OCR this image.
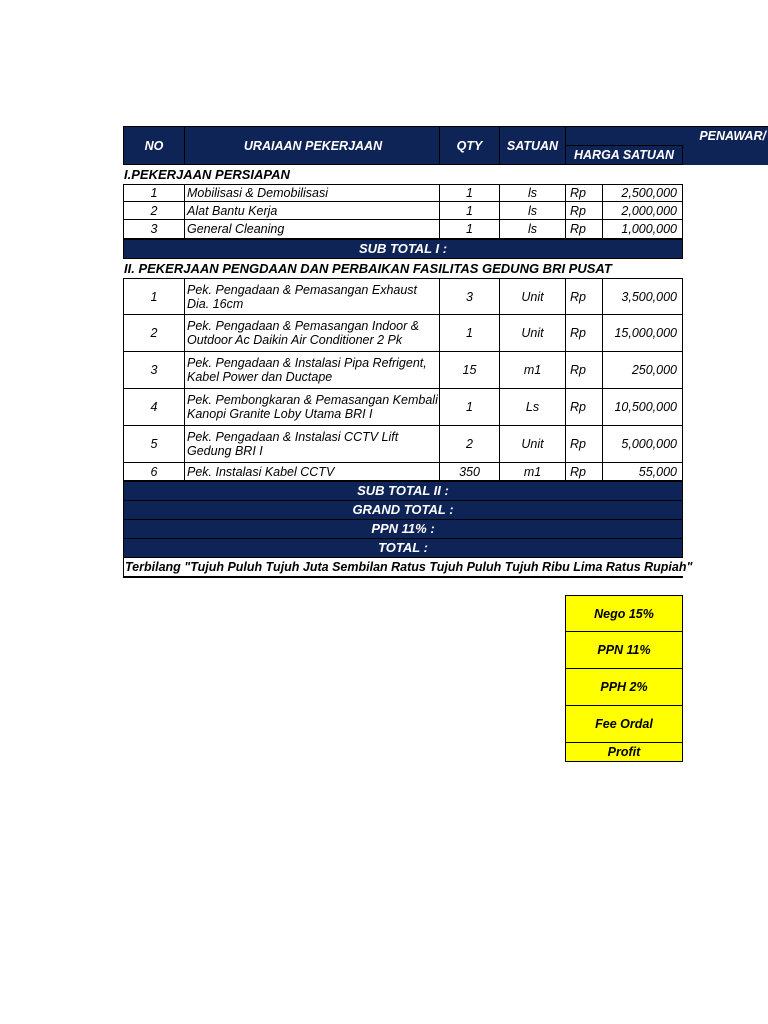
NO	URAIAAN PEKERJAAN	QTY	SATUAN
PENAWAR/
HARGA SATUAN
I.PEKERJAAN PERSIAPAN
1	Mobilisasi & Demobilisasi	1	ls	Rp	2,500,000
2	Alat Bantu Kerja	1	ls	Rp	2,000,000
3	General Cleaning	1	ls	Rp	1,000,000
SUB TOTAL I :
II. PEKERJAAN PENGDAAN DAN PERBAIKAN FASILITAS GEDUNG BRI PUSAT
1	Pek. Pengadaan & Pemasangan Exhaust Dia. 16cm	3	Unit	Rp	3,500,000
2	Pek. Pengadaan & Pemasangan Indoor & Outdoor Ac Daikin Air Conditioner 2 Pk	1	Unit	Rp	15,000,000
3	Pek. Pengadaan & Instalasi Pipa Refrigent, Kabel Power dan Ductape	15	m1	Rp	250,000
4	Pek. Pembongkaran & Pemasangan Kembali Kanopi Granite Loby Utama BRI I	1	Ls	Rp	10,500,000
5	Pek. Pengadaan & Instalasi CCTV Lift Gedung BRI I	2	Unit	Rp	5,000,000
6	Pek. Instalasi Kabel CCTV	350	m1	Rp	55,000
SUB TOTAL II :
GRAND TOTAL :
PPN 11% :
TOTAL :
Terbilang "Tujuh Puluh Tujuh Juta Sembilan Ratus Tujuh Puluh Tujuh Ribu Lima Ratus Rupiah"
Nego 15%
PPN 11%
PPH 2%
Fee Ordal
Profit
